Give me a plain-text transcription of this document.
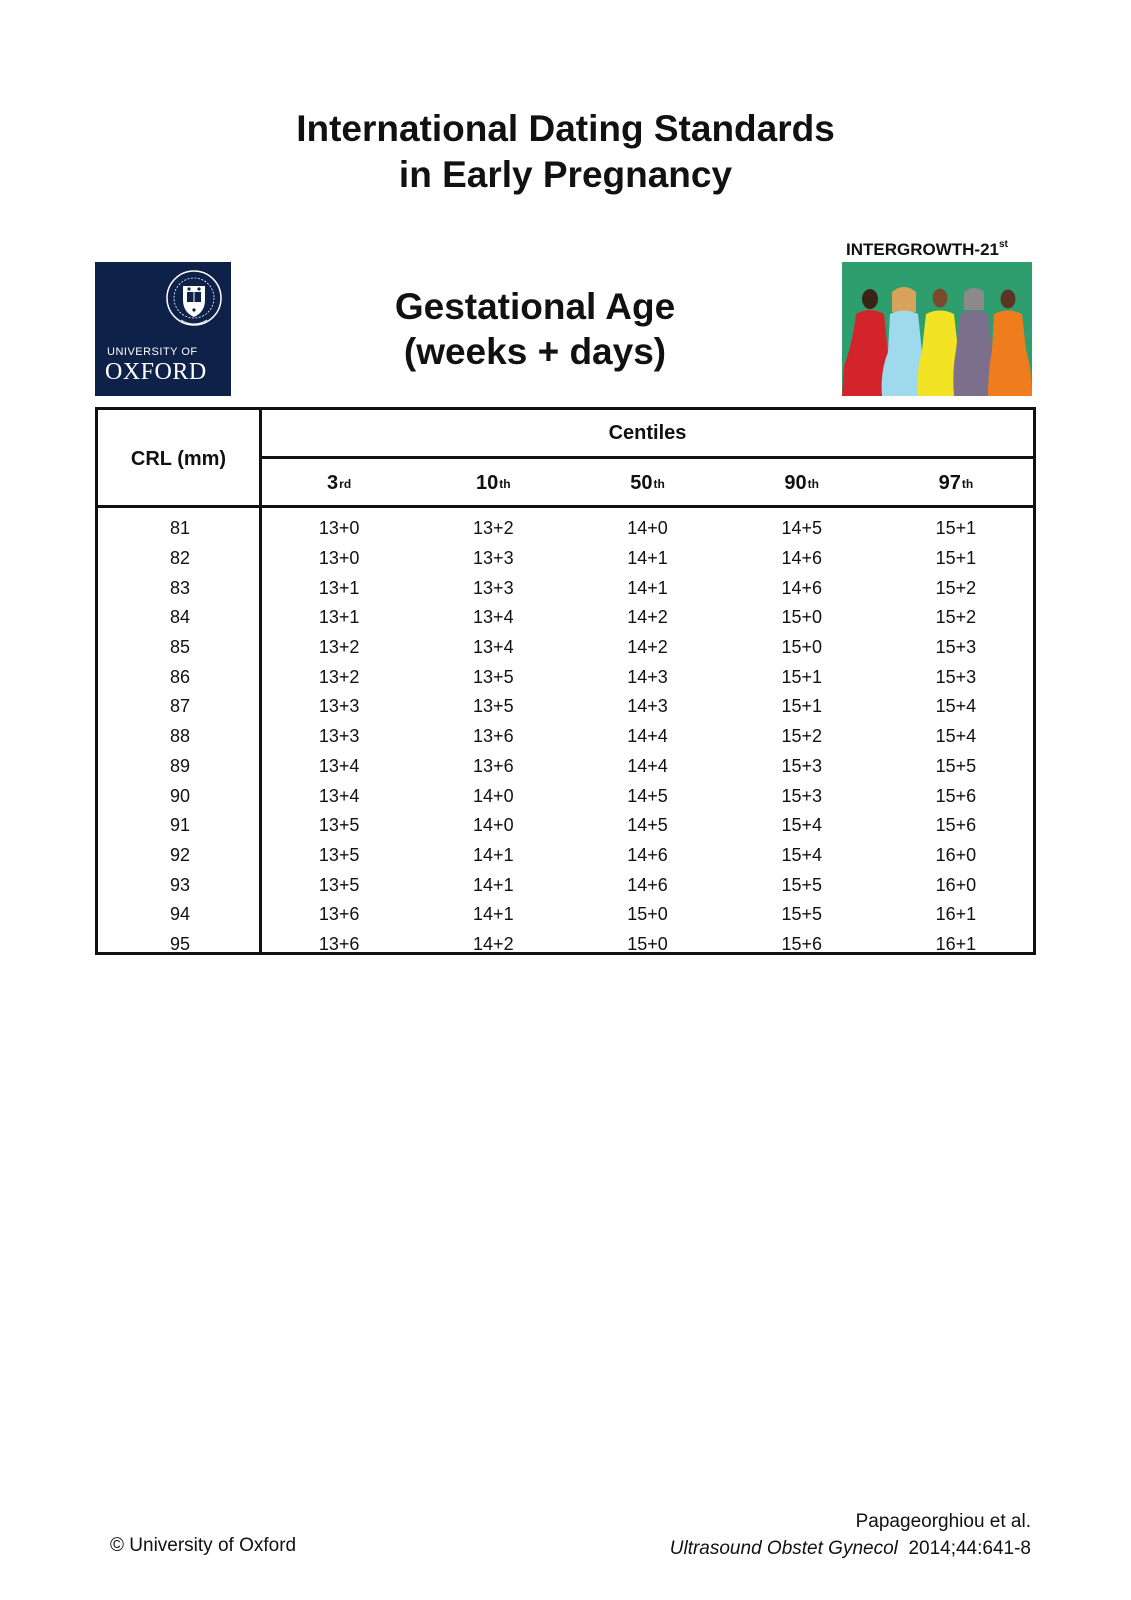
International Dating Standards
in Early Pregnancy
UNIVERSITY OF
OXFORD
Gestational Age
(weeks + days)
INTERGROWTH-21st
CRL (mm)
Centiles
3 rd	10 th	50 th	90 th	97 th
81	13+0	13+2	14+0	14+5	15+1
82	13+0	13+3	14+1	14+6	15+1
83	13+1	13+3	14+1	14+6	15+2
84	13+1	13+4	14+2	15+0	15+2
85	13+2	13+4	14+2	15+0	15+3
86	13+2	13+5	14+3	15+1	15+3
87	13+3	13+5	14+3	15+1	15+4
88	13+3	13+6	14+4	15+2	15+4
89	13+4	13+6	14+4	15+3	15+5
90	13+4	14+0	14+5	15+3	15+6
91	13+5	14+0	14+5	15+4	15+6
92	13+5	14+1	14+6	15+4	16+0
93	13+5	14+1	14+6	15+5	16+0
94	13+6	14+1	15+0	15+5	16+1
95	13+6	14+2	15+0	15+6	16+1
© University of Oxford
Papageorghiou et al.
Ultrasound Obstet Gynecol 2014;44:641-8
